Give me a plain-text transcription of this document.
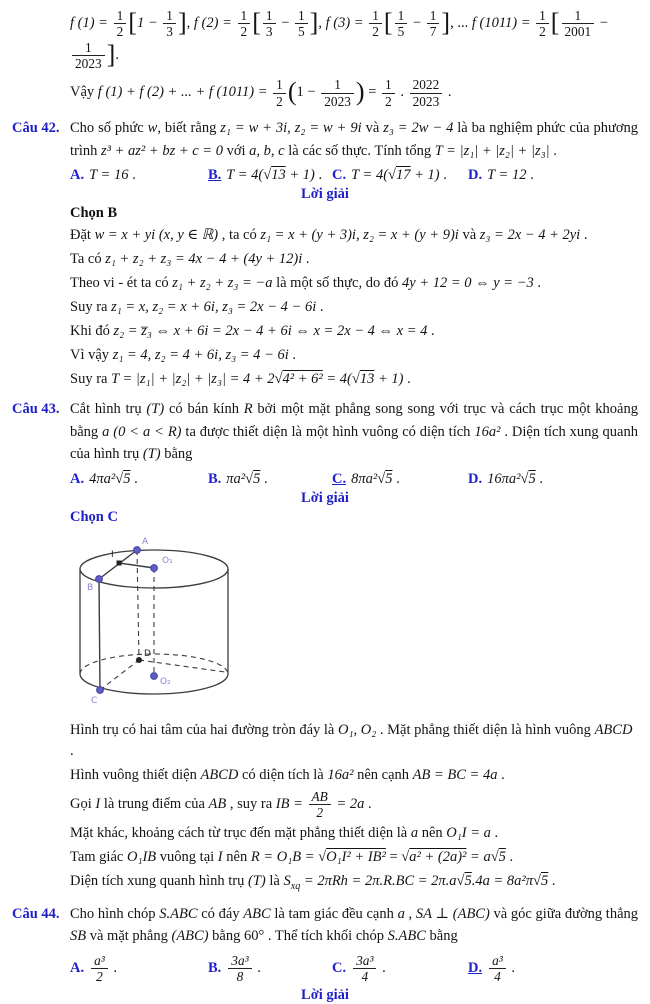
f $(1) = \frac{1}{2} [1 - \frac{1}{3}$ ], f $(2) = \frac{1}{2}$ [ $\frac{1}{3} - \frac{1}{5}$ ], f $(3) = \frac{1}{2}$ [ $\frac{1}{5} - \frac{1}{7}$ ], ... f $(1011) = \frac{1}{2}$ [ $\frac{1}{2001}$ −
$\frac{1}{2023}$ ].
Vậy f (1) + f (2) + ... + f $(1011) = \frac{1}{2} (1 - \frac{1}{2023}$ ) = $\frac{1}{2}$ . $\frac{2022}{2023}$ .
Câu 42. Cho số phức w, biết rằng z₁ = w + 3i, z₂ = w + 9i và z₃ = 2w − 4 là ba nghiệm phức của phương trình z³ + az² + bz + c = 0 với a, b, c là các số thực. Tính tổng T = |z₁| + |z₂| + |z₃| .
A. T = 16 .	B. T = 4(√13 + 1) . C. T = 4(√17 + 1) . D. T = 12 .
Lời giải
Chọn B
Đặt w = x + yi (x, y ∈ ℝ) , ta có z₁ = x + (y + 3)i, z₂ = x + (y + 9)i và z₃ = 2x − 4 + 2yi .
Ta có z₁ + z₂ + z₃ = 4x − 4 + (4y + 12)i .
Theo vi - ét ta có z₁ + z₂ + z₃ = −a là một số thực, do đó 4y + 12 = 0 ⇔ y = −3 .
Suy ra z₁ = x, z₂ = x + 6i, z₃ = 2x − 4 − 6i .
Khi đó z₂ = z̅₃ ⇔ x + 6i = 2x − 4 + 6i ⇔ x = 2x − 4 ⇔ x = 4 .
Vì vậy z₁ = 4, z₂ = 4 + 6i, z₃ = 4 − 6i .
Suy ra T = |z₁| + |z₂| + |z₃| = 4 + 2√4² + 6² = 4(√13 + 1) .
Câu 43. Cắt hình trụ (T) có bán kính R bởi một mặt phẳng song song với trục và cách trục một khoảng bằng a (0 < a < R) ta được thiết diện là một hình vuông có diện tích 16a² . Diện tích xung quanh của hình trụ (T) bằng
A. 4πa²√5 .	B. πa²√5 .	C. 8πa²√5 .	D. 16πa²√5 .
Lời giải
Chọn C
A
B
C
D
I
O₁
O₂
Hình trụ có hai tâm của hai đường tròn đáy là O₁, O₂ . Mặt phẳng thiết diện là hình vuông ABCD .
Hình vuông thiết diện ABCD có diện tích là 16a² nên cạnh AB = BC = 4a .
Gọi I là trung điểm của AB , suy ra IB = $\frac{AB}{2} = 2a$ .
Mặt khác, khoảng cách từ trục đến mặt phẳng thiết diện là a nên O₁I = a .
Tam giác O₁IB vuông tại I nên R = O₁B = √O₁I² + IB² = √a² + (2a)² = a√5 .
Diện tích xung quanh hình trụ (T) là $S_{xq} = 2\pi Rh = 2\pi.R.BC = 2\pi.a√5.4a = 8a^2\pi√5$ .
Câu 44. Cho hình chóp S.ABC có đáy ABC là tam giác đều cạnh a , SA ⊥ (ABC) và góc giữa đường thẳng SB và mặt phẳng (ABC) bằng 60° . Thể tích khối chóp S.ABC bằng
A. $\frac{\text{a³}}{2}$ .	B. $\frac{\text{3a³}}{8}$ .	C. $\frac{\text{3a³}}{4}$ .	D. $\frac{\text{a³}}{4}$ .
Lời giải
